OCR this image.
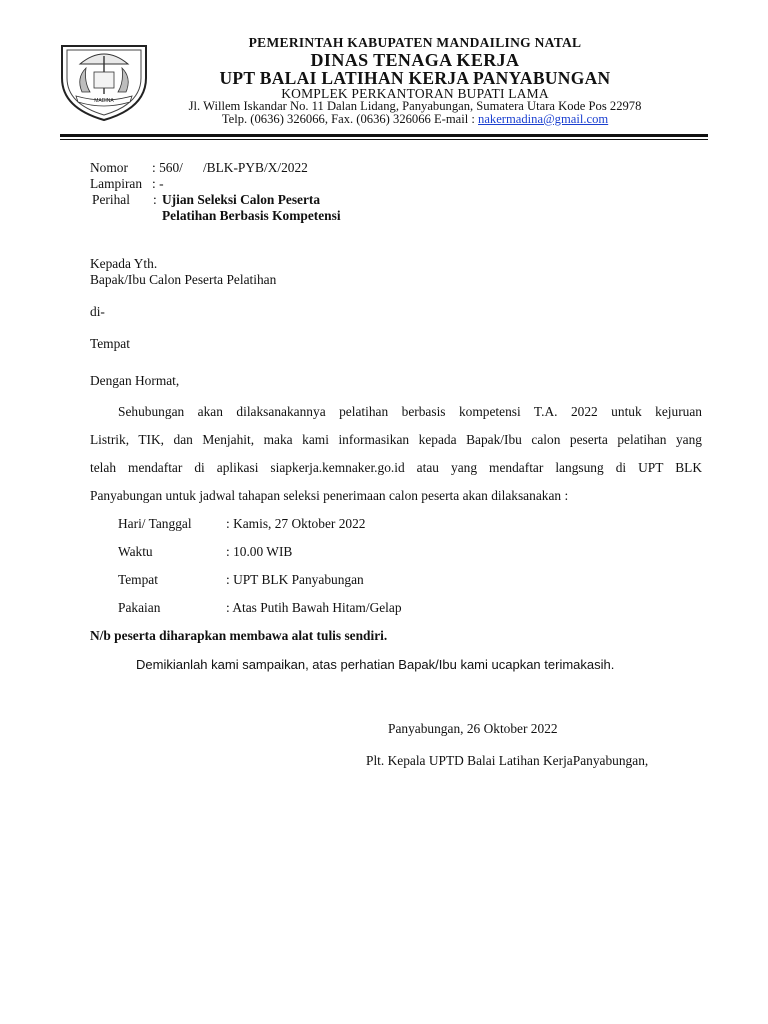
MADINA
PEMERINTAH KABUPATEN MANDAILING NATAL
DINAS TENAGA KERJA
UPT BALAI LATIHAN KERJA PANYABUNGAN
KOMPLEK PERKANTORAN BUPATI LAMA
Jl. Willem Iskandar No. 11 Dalan Lidang, Panyabungan, Sumatera Utara Kode Pos 22978
Telp. (0636) 326066, Fax. (0636) 326066 E-mail : nakermadina@gmail.com
Nomor : 560/      /BLK-PYB/X/2022
Lampiran : -
Perihal : Ujian Seleksi Calon Peserta
Pelatihan Berbasis Kompetensi
Kepada Yth.
Bapak/Ibu Calon Peserta Pelatihan
di-
Tempat
Dengan Hormat,
Sehubungan akan dilaksanakannya pelatihan berbasis kompetensi T.A. 2022 untuk kejuruan
Listrik, TIK, dan Menjahit, maka kami informasikan kepada Bapak/Ibu calon peserta pelatihan yang
telah mendaftar di aplikasi siapkerja.kemnaker.go.id atau yang mendaftar langsung di UPT BLK
Panyabungan untuk jadwal tahapan seleksi penerimaan calon peserta akan dilaksanakan :
Hari/ Tanggal	: Kamis, 27 Oktober 2022
Waktu	: 10.00 WIB
Tempat	: UPT BLK Panyabungan
Pakaian	: Atas Putih Bawah Hitam/Gelap
N/b peserta diharapkan membawa alat tulis sendiri.
Demikianlah kami sampaikan, atas perhatian Bapak/Ibu kami ucapkan terimakasih.
Panyabungan, 26 Oktober 2022
Plt. Kepala UPTD Balai Latihan KerjaPanyabungan,
